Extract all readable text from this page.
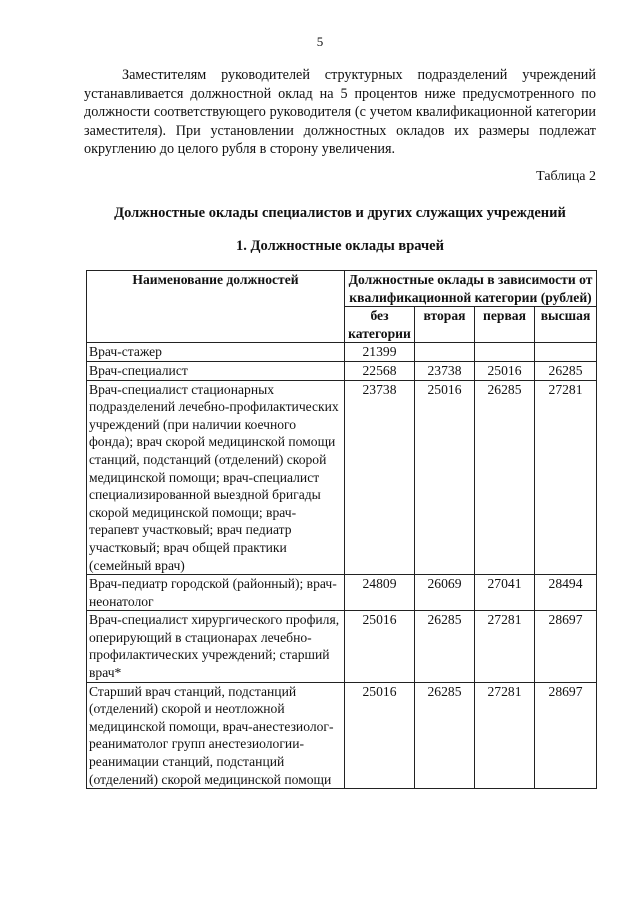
5

Заместителям руководителей структурных подразделений учреждений устанавливается должностной оклад на 5 процентов ниже предусмотренного по должности соответствующего руководителя (с учетом квалификационной категории заместителя). При установлении должностных окладов их размеры подлежат округлению до целого рубля в сторону увеличения.

Таблица 2
Должностные оклады специалистов и других служащих учреждений
1. Должностные оклады врачей
Наименование должностей	Должностные оклады в зависимости от квалификационной категории (рублей)			
	без категории	вторая	первая	высшая
Врач-стажер	21399			
Врач-специалист	22568	23738	25016	26285
Врач-специалист стационарных подразделений лечебно-профилактических учреждений (при наличии коечного фонда); врач скорой медицинской помощи станций, подстанций (отделений) скорой медицинской помощи; врач-специалист специализированной выездной бригады скорой медицинской помощи; врач-терапевт участковый; врач педиатр участковый; врач общей практики (семейный врач)	23738	25016	26285	27281
Врач-педиатр городской (районный); врач-неонатолог	24809	26069	27041	28494
Врач-специалист хирургического профиля, оперирующий в стационарах лечебно-профилактических учреждений; старший врач*	25016	26285	27281	28697
Старший врач станций, подстанций (отделений) скорой и неотложной медицинской помощи, врач-анестезиолог-реаниматолог групп анестезиологии-реанимации станций, подстанций (отделений) скорой медицинской помощи	25016	26285	27281	28697
